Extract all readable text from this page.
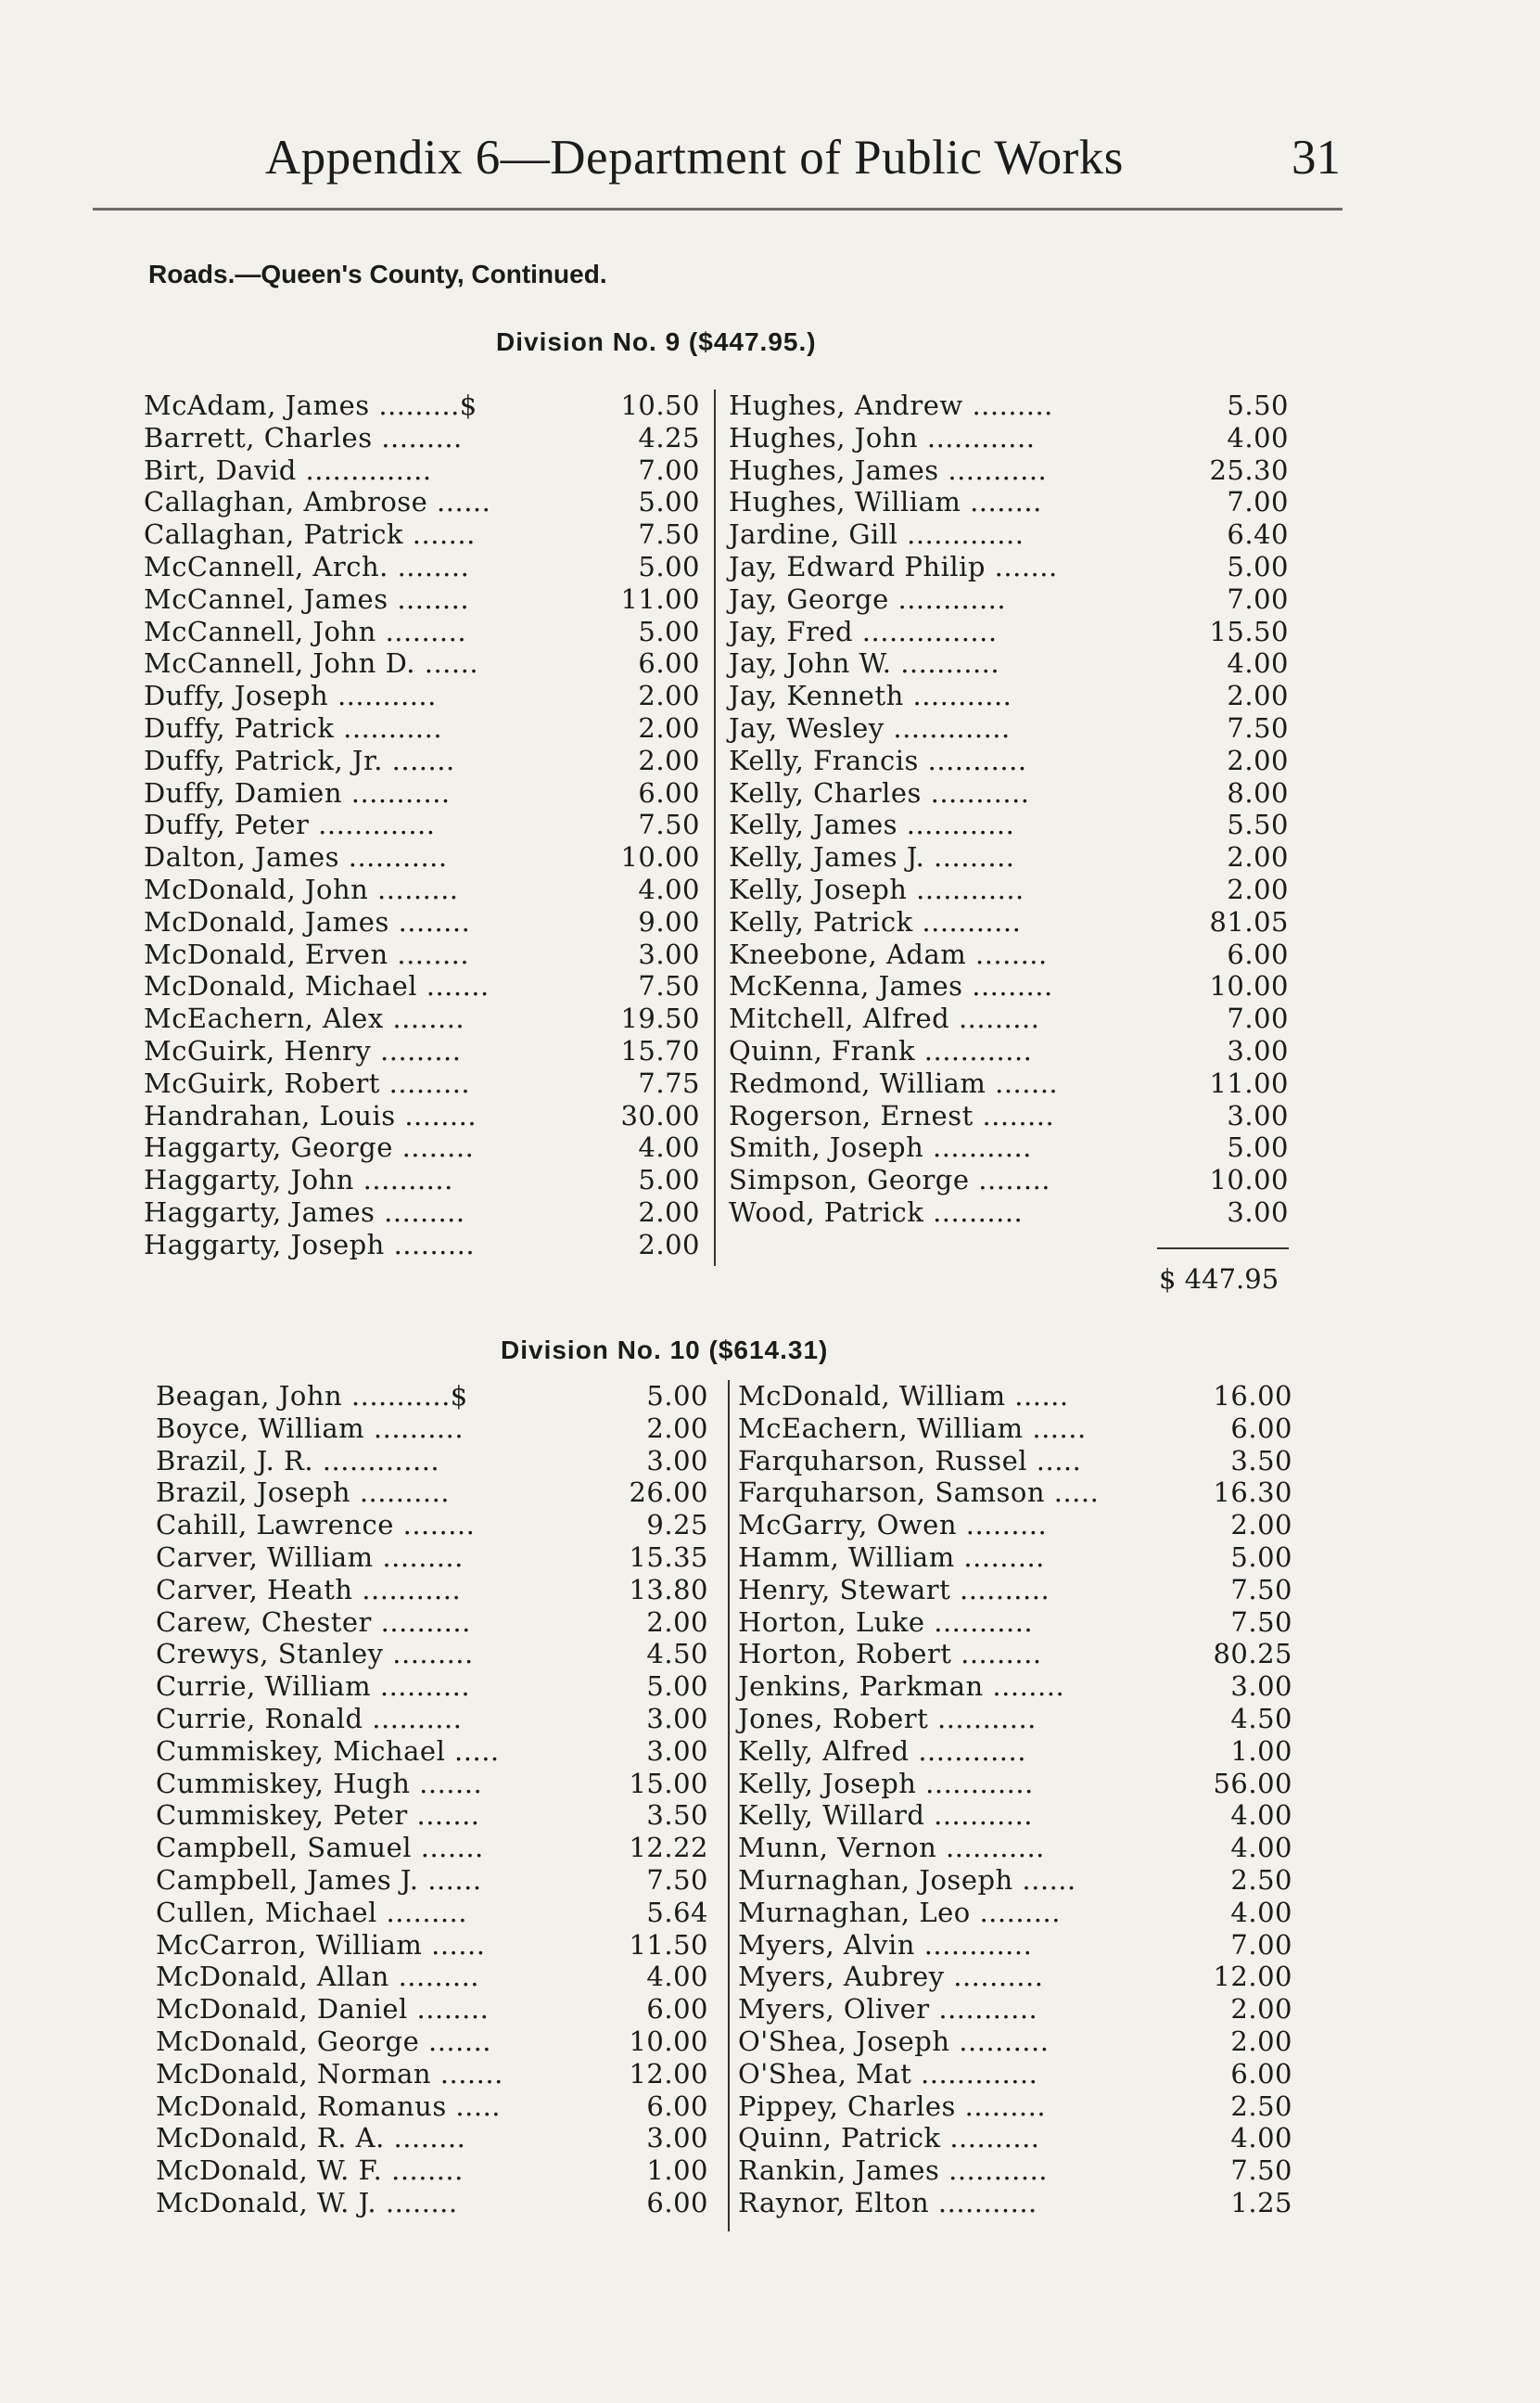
Appendix 6—Department of Public Works	31
Roads.—Queen's County, Continued.
Division No. 9 ($447.95.)
McAdam, James .........$	10.50
Barrett, Charles .........	4.25
Birt, David ..............	7.00
Callaghan, Ambrose ......	5.00
Callaghan, Patrick .......	7.50
McCannell, Arch. ........	5.00
McCannel, James ........	11.00
McCannell, John .........	5.00
McCannell, John D. ......	6.00
Duffy, Joseph ...........	2.00
Duffy, Patrick ...........	2.00
Duffy, Patrick, Jr. .......	2.00
Duffy, Damien ...........	6.00
Duffy, Peter .............	7.50
Dalton, James ...........	10.00
McDonald, John .........	4.00
McDonald, James ........	9.00
McDonald, Erven ........	3.00
McDonald, Michael .......	7.50
McEachern, Alex ........	19.50
McGuirk, Henry .........	15.70
McGuirk, Robert .........	7.75
Handrahan, Louis ........	30.00
Haggarty, George ........	4.00
Haggarty, John ..........	5.00
Haggarty, James .........	2.00
Haggarty, Joseph .........	2.00
Hughes, Andrew .........	5.50
Hughes, John ............	4.00
Hughes, James ...........	25.30
Hughes, William ........	7.00
Jardine, Gill .............	6.40
Jay, Edward Philip .......	5.00
Jay, George ............	7.00
Jay, Fred ...............	15.50
Jay, John W. ...........	4.00
Jay, Kenneth ...........	2.00
Jay, Wesley .............	7.50
Kelly, Francis ...........	2.00
Kelly, Charles ...........	8.00
Kelly, James ............	5.50
Kelly, James J. .........	2.00
Kelly, Joseph ............	2.00
Kelly, Patrick ...........	81.05
Kneebone, Adam ........	6.00
McKenna, James .........	10.00
Mitchell, Alfred .........	7.00
Quinn, Frank ............	3.00
Redmond, William .......	11.00
Rogerson, Ernest ........	3.00
Smith, Joseph ...........	5.00
Simpson, George ........	10.00
Wood, Patrick ..........	3.00
$ 447.95
Division No. 10 ($614.31)
Beagan, John ...........$	5.00
Boyce, William ..........	2.00
Brazil, J. R. .............	3.00
Brazil, Joseph ..........	26.00
Cahill, Lawrence ........	9.25
Carver, William .........	15.35
Carver, Heath ...........	13.80
Carew, Chester ..........	2.00
Crewys, Stanley .........	4.50
Currie, William ..........	5.00
Currie, Ronald ..........	3.00
Cummiskey, Michael .....	3.00
Cummiskey, Hugh .......	15.00
Cummiskey, Peter .......	3.50
Campbell, Samuel .......	12.22
Campbell, James J. ......	7.50
Cullen, Michael .........	5.64
McCarron, William ......	11.50
McDonald, Allan .........	4.00
McDonald, Daniel ........	6.00
McDonald, George .......	10.00
McDonald, Norman .......	12.00
McDonald, Romanus .....	6.00
McDonald, R. A. ........	3.00
McDonald, W. F. ........	1.00
McDonald, W. J. ........	6.00
McDonald, William ......	16.00
McEachern, William ......	6.00
Farquharson, Russel .....	3.50
Farquharson, Samson .....	16.30
McGarry, Owen .........	2.00
Hamm, William .........	5.00
Henry, Stewart ..........	7.50
Horton, Luke ...........	7.50
Horton, Robert .........	80.25
Jenkins, Parkman ........	3.00
Jones, Robert ...........	4.50
Kelly, Alfred ............	1.00
Kelly, Joseph ............	56.00
Kelly, Willard ...........	4.00
Munn, Vernon ...........	4.00
Murnaghan, Joseph ......	2.50
Murnaghan, Leo .........	4.00
Myers, Alvin ............	7.00
Myers, Aubrey ..........	12.00
Myers, Oliver ...........	2.00
O'Shea, Joseph ..........	2.00
O'Shea, Mat .............	6.00
Pippey, Charles .........	2.50
Quinn, Patrick ..........	4.00
Rankin, James ...........	7.50
Raynor, Elton ...........	1.25
